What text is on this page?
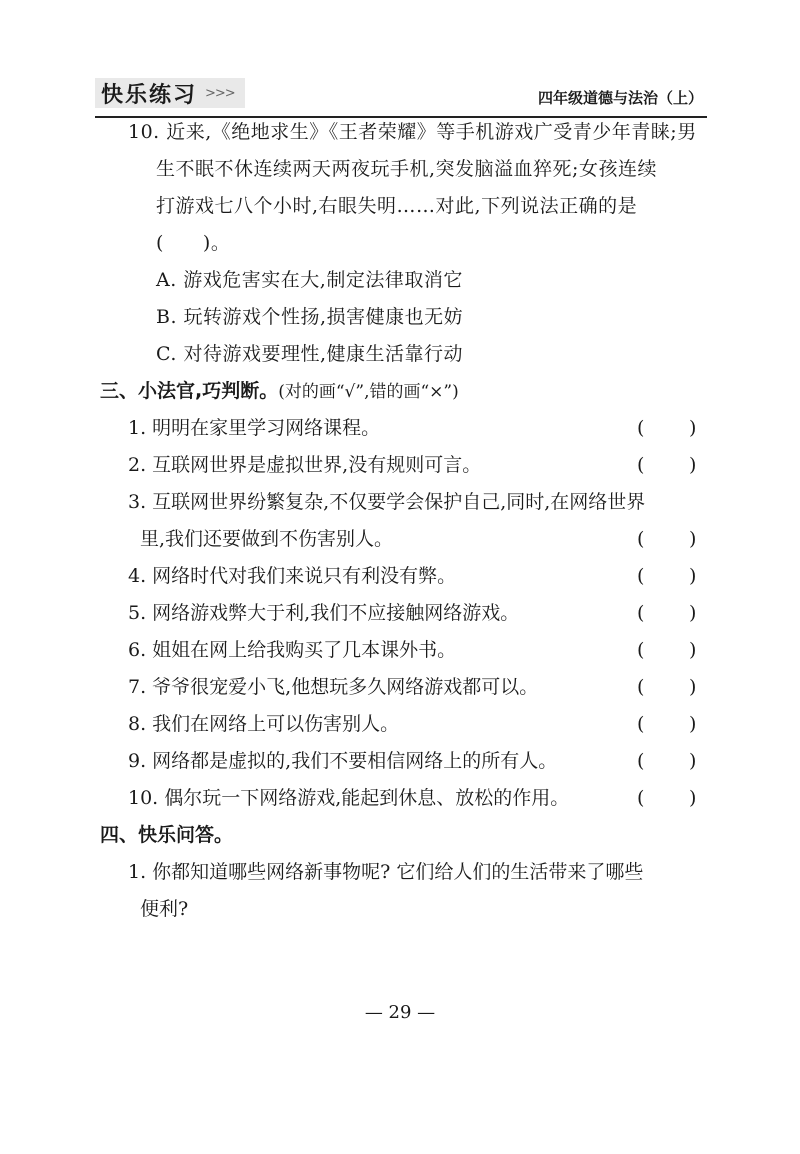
快乐练习 >>>	四年级道德与法治（上）
10. 近来,《绝地求生》《王者荣耀》等手机游戏广受青少年青睐;男
生不眠不休连续两天两夜玩手机,突发脑溢血猝死;女孩连续
打游戏七八个小时,右眼失明……对此,下列说法正确的是
(　　)。
A. 游戏危害实在大,制定法律取消它
B. 玩转游戏个性扬,损害健康也无妨
C. 对待游戏要理性,健康生活靠行动
三、小法官,巧判断。(对的画“√”,错的画“×”)
1. 明明在家里学习网络课程。	( )
2. 互联网世界是虚拟世界,没有规则可言。	( )
3. 互联网世界纷繁复杂,不仅要学会保护自己,同时,在网络世界
里,我们还要做到不伤害别人。	( )
4. 网络时代对我们来说只有利没有弊。	( )
5. 网络游戏弊大于利,我们不应接触网络游戏。	( )
6. 姐姐在网上给我购买了几本课外书。	( )
7. 爷爷很宠爱小飞,他想玩多久网络游戏都可以。	( )
8. 我们在网络上可以伤害别人。	( )
9. 网络都是虚拟的,我们不要相信网络上的所有人。	( )
10. 偶尔玩一下网络游戏,能起到休息、放松的作用。	( )
四、快乐问答。
1. 你都知道哪些网络新事物呢? 它们给人们的生活带来了哪些
便利?
— 29 —
